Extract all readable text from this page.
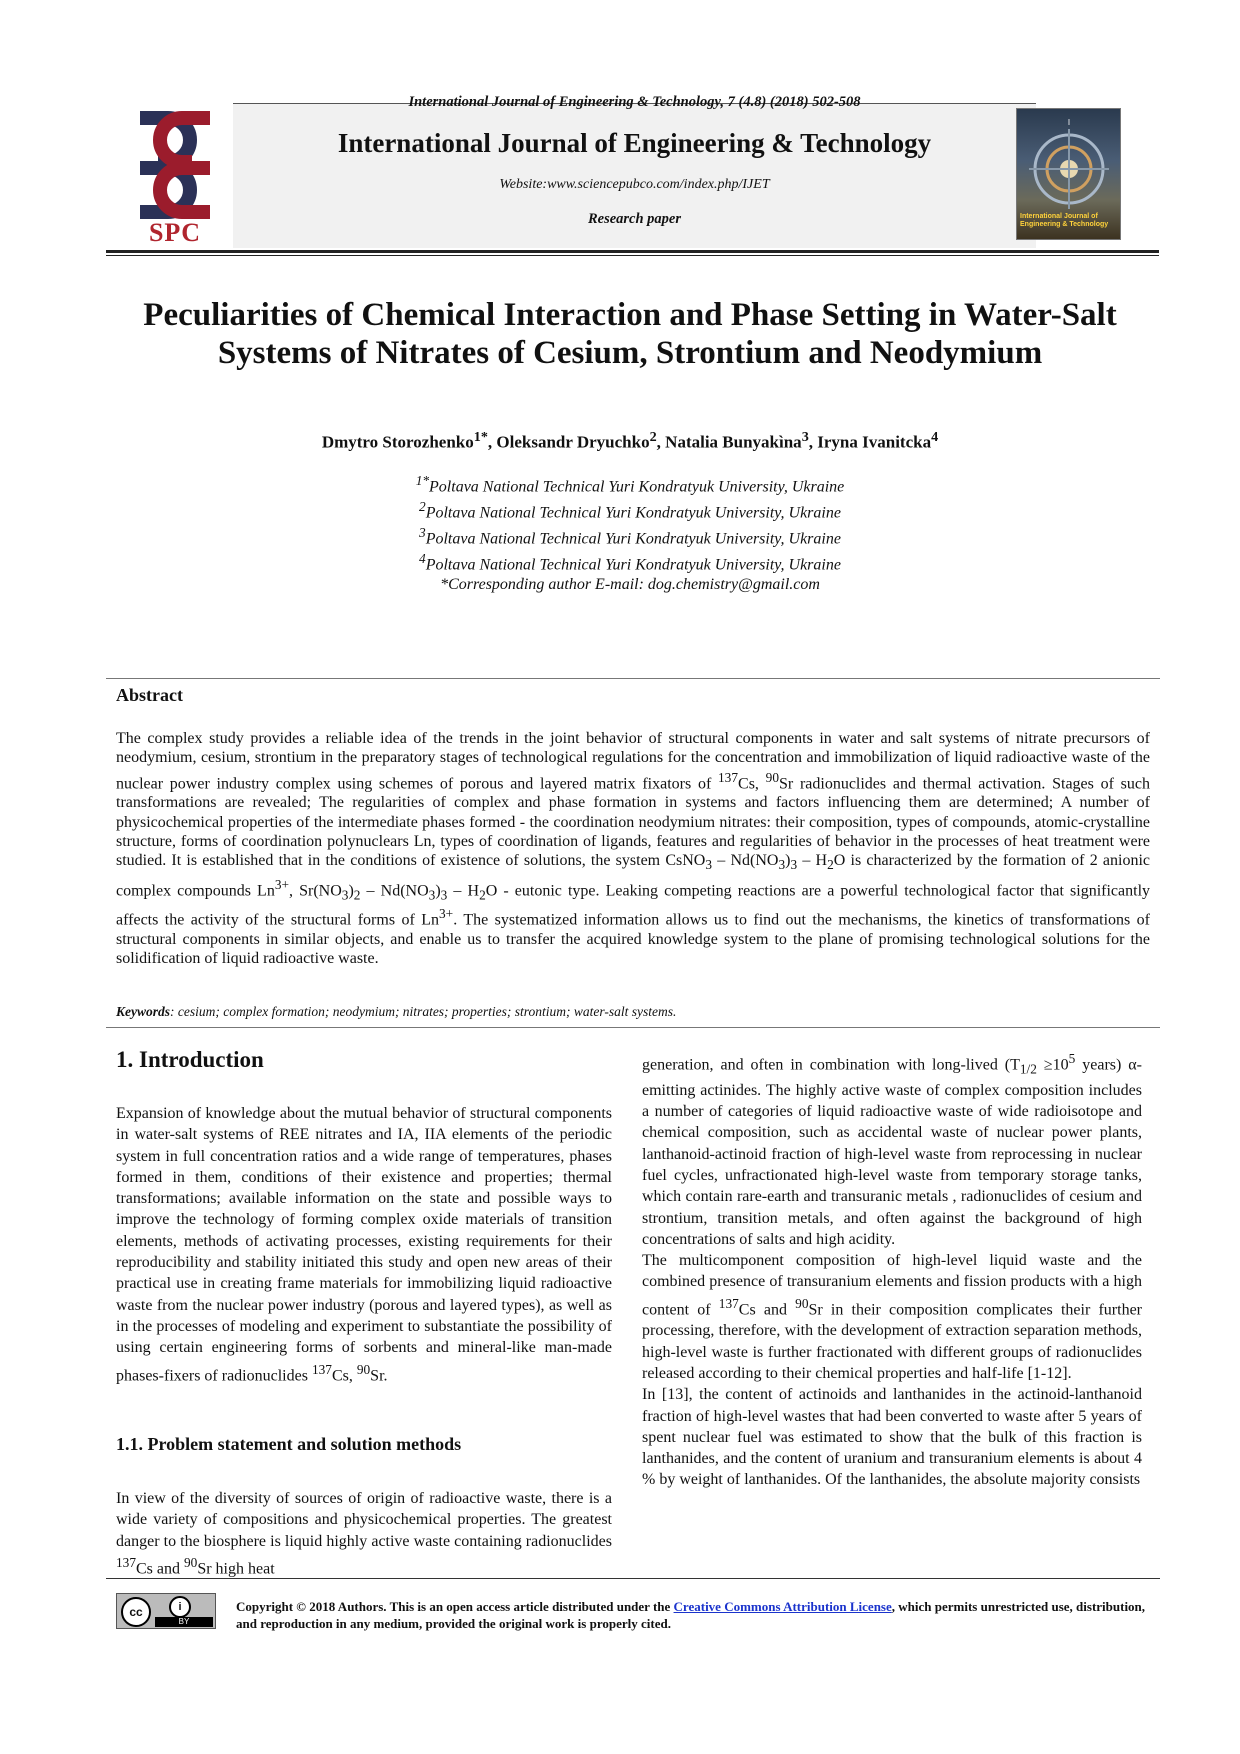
SPC
International Journal of Engineering & Technology, 7 (4.8) (2018) 502-508
International Journal of Engineering & Technology
Website:www.sciencepubco.com/index.php/IJET
Research paper
I
International Journal of Engineering & Technology
Peculiarities of Chemical Interaction and Phase Setting in Water-Salt Systems of Nitrates of Cesium, Strontium and Neodymium
Dmytro Storozhenko$^{1*}$, Oleksandr Dryuchko$^2$, Natalia Bunyakìna$^3$, Iryna Ivanitcka$^4$
$^{1*}$Poltava National Technical Yuri Kondratyuk University, Ukraine
$^2$Poltava National Technical Yuri Kondratyuk University, Ukraine
$^3$Poltava National Technical Yuri Kondratyuk University, Ukraine
$^4$Poltava National Technical Yuri Kondratyuk University, Ukraine
*Corresponding author E-mail: dog.chemistry@gmail.com
Abstract
The complex study provides a reliable idea of the trends in the joint behavior of structural components in water and salt systems of nitrate precursors of neodymium, cesium, strontium in the preparatory stages of technological regulations for the concentration and immobilization of liquid radioactive waste of the nuclear power industry complex using schemes of porous and layered matrix fixators of $^{137}$Cs, $^{90}$Sr radionuclides and thermal activation. Stages of such transformations are revealed; The regularities of complex and phase formation in systems and factors influencing them are determined; A number of physicochemical properties of the intermediate phases formed - the coordination neodymium nitrates: their composition, types of compounds, atomic-crystalline structure, forms of coordination polynuclears Ln, types of coordination of ligands, features and regularities of behavior in the processes of heat treatment were studied. It is established that in the conditions of existence of solutions, the system CsNO$_3$ – $Nd(NO_3)_3 - H_2O$ is characterized by the formation of 2 anionic complex compounds $Ln^{3+}$, $Sr(NO_3)_2 - Nd(NO_3)_3 - H_2O$ - eutonic type. Leaking competing reactions are a powerful technological factor that significantly affects the activity of the structural forms of $Ln^{3+}$. The systematized information allows us to find out the mechanisms, the kinetics of transformations of structural components in similar objects, and enable us to transfer the acquired knowledge system to the plane of promising technological solutions for the solidification of liquid radioactive waste.
Keywords: cesium; complex formation; neodymium; nitrates; properties; strontium; water-salt systems.
1. Introduction
Expansion of knowledge about the mutual behavior of structural components in water-salt systems of REE nitrates and IA, IIA elements of the periodic system in full concentration ratios and a wide range of temperatures, phases formed in them, conditions of their existence and properties; thermal transformations; available information on the state and possible ways to improve the technology of forming complex oxide materials of transition elements, methods of activating processes, existing requirements for their reproducibility and stability initiated this study and open new areas of their practical use in creating frame materials for immobilizing liquid radioactive waste from the nuclear power industry (porous and layered types), as well as in the processes of modeling and experiment to substantiate the possibility of using certain engineering forms of sorbents and mineral-like man-made phases-fixers of radionuclides $^{137}$Cs, $^{90}$Sr.
1.1. Problem statement and solution methods
In view of the diversity of sources of origin of radioactive waste, there is a wide variety of compositions and physicochemical properties. The greatest danger to the biosphere is liquid highly active waste containing radionuclides $^{137}$Cs and $^{90}$Sr high heat

generation, and often in combination with long-lived ($T_{1/2} \ge 10^5$ years) α-emitting actinides. The highly active waste of complex composition includes a number of categories of liquid radioactive waste of wide radioisotope and chemical composition, such as accidental waste of nuclear power plants, lanthanoid-actinoid fraction of high-level waste from reprocessing in nuclear fuel cycles, unfractionated high-level waste from temporary storage tanks, which contain rare-earth and transuranic metals , radionuclides of cesium and strontium, transition metals, and often against the background of high concentrations of salts and high acidity.

The multicomponent composition of high-level liquid waste and the combined presence of transuranium elements and fission products with a high content of $^{137}$Cs and $^{90}$Sr in their composition complicates their further processing, therefore, with the development of extraction separation methods, high-level waste is further fractionated with different groups of radionuclides released according to their chemical properties and half-life [1-12].

In [13], the content of actinoids and lanthanides in the actinoid-lanthanoid fraction of high-level wastes that had been converted to waste after 5 years of spent nuclear fuel was estimated to show that the bulk of this fraction is lanthanides, and the content of uranium and transuranium elements is about 4 % by weight of lanthanides. Of the lanthanides, the absolute majority consists

cc	i
BY
Copyright © 2018 Authors. This is an open access article distributed under the Creative Commons Attribution License, which permits unrestricted use, distribution, and reproduction in any medium, provided the original work is properly cited.
